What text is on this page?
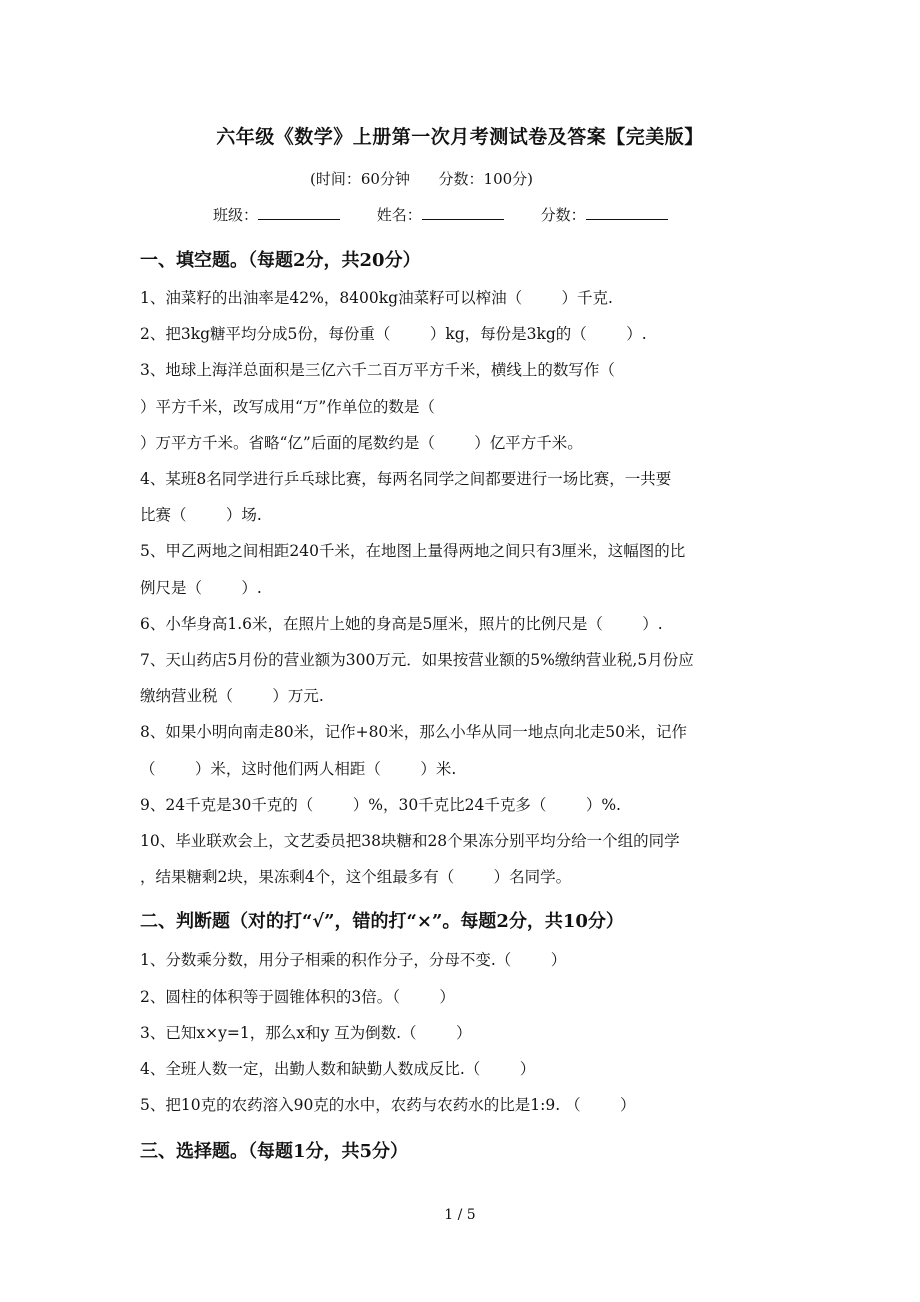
六年级《数学》上册第一次月考测试卷及答案【完美版】
(时间：60分钟      分数：100分)
班级：	姓名：	分数：
一、填空题。（每题2分，共20分）
1、油菜籽的出油率是42%，8400kg油菜籽可以榨油（        ）千克.
2、把3kg糖平均分成5份，每份重（        ）kg，每份是3kg的（        ）.
3、地球上海洋总面积是三亿六千二百万平方千米，横线上的数写作（
）平方千米，改写成用“万”作单位的数是（
）万平方千米。省略“亿”后面的尾数约是（        ）亿平方千米。
4、某班8名同学进行乒乓球比赛，每两名同学之间都要进行一场比赛，一共要
比赛（        ）场.
5、甲乙两地之间相距240千米，在地图上量得两地之间只有3厘米，这幅图的比
例尺是（        ）.
6、小华身高1.6米，在照片上她的身高是5厘米，照片的比例尺是（        ）.
7、天山药店5月份的营业额为300万元．如果按营业额的5%缴纳营业税,5月份应
缴纳营业税（        ）万元.
8、如果小明向南走80米，记作+80米，那么小华从同一地点向北走50米，记作
（        ）米，这时他们两人相距（        ）米.
9、24千克是30千克的（        ）%，30千克比24千克多（        ）%.
10、毕业联欢会上，文艺委员把38块糖和28个果冻分别平均分给一个组的同学
，结果糖剩2块，果冻剩4个，这个组最多有（        ）名同学。
二、判断题（对的打“√”，错的打“×”。每题2分，共10分）
1、分数乘分数，用分子相乘的积作分子，分母不变.（        ）
2、圆柱的体积等于圆锥体积的3倍。（        ）
3、已知x×y=1，那么x和y 互为倒数.（        ）
4、全班人数一定，出勤人数和缺勤人数成反比.（        ）
5、把10克的农药溶入90克的水中，农药与农药水的比是1:9. （        ）
三、选择题。（每题1分，共5分）
1 / 5
